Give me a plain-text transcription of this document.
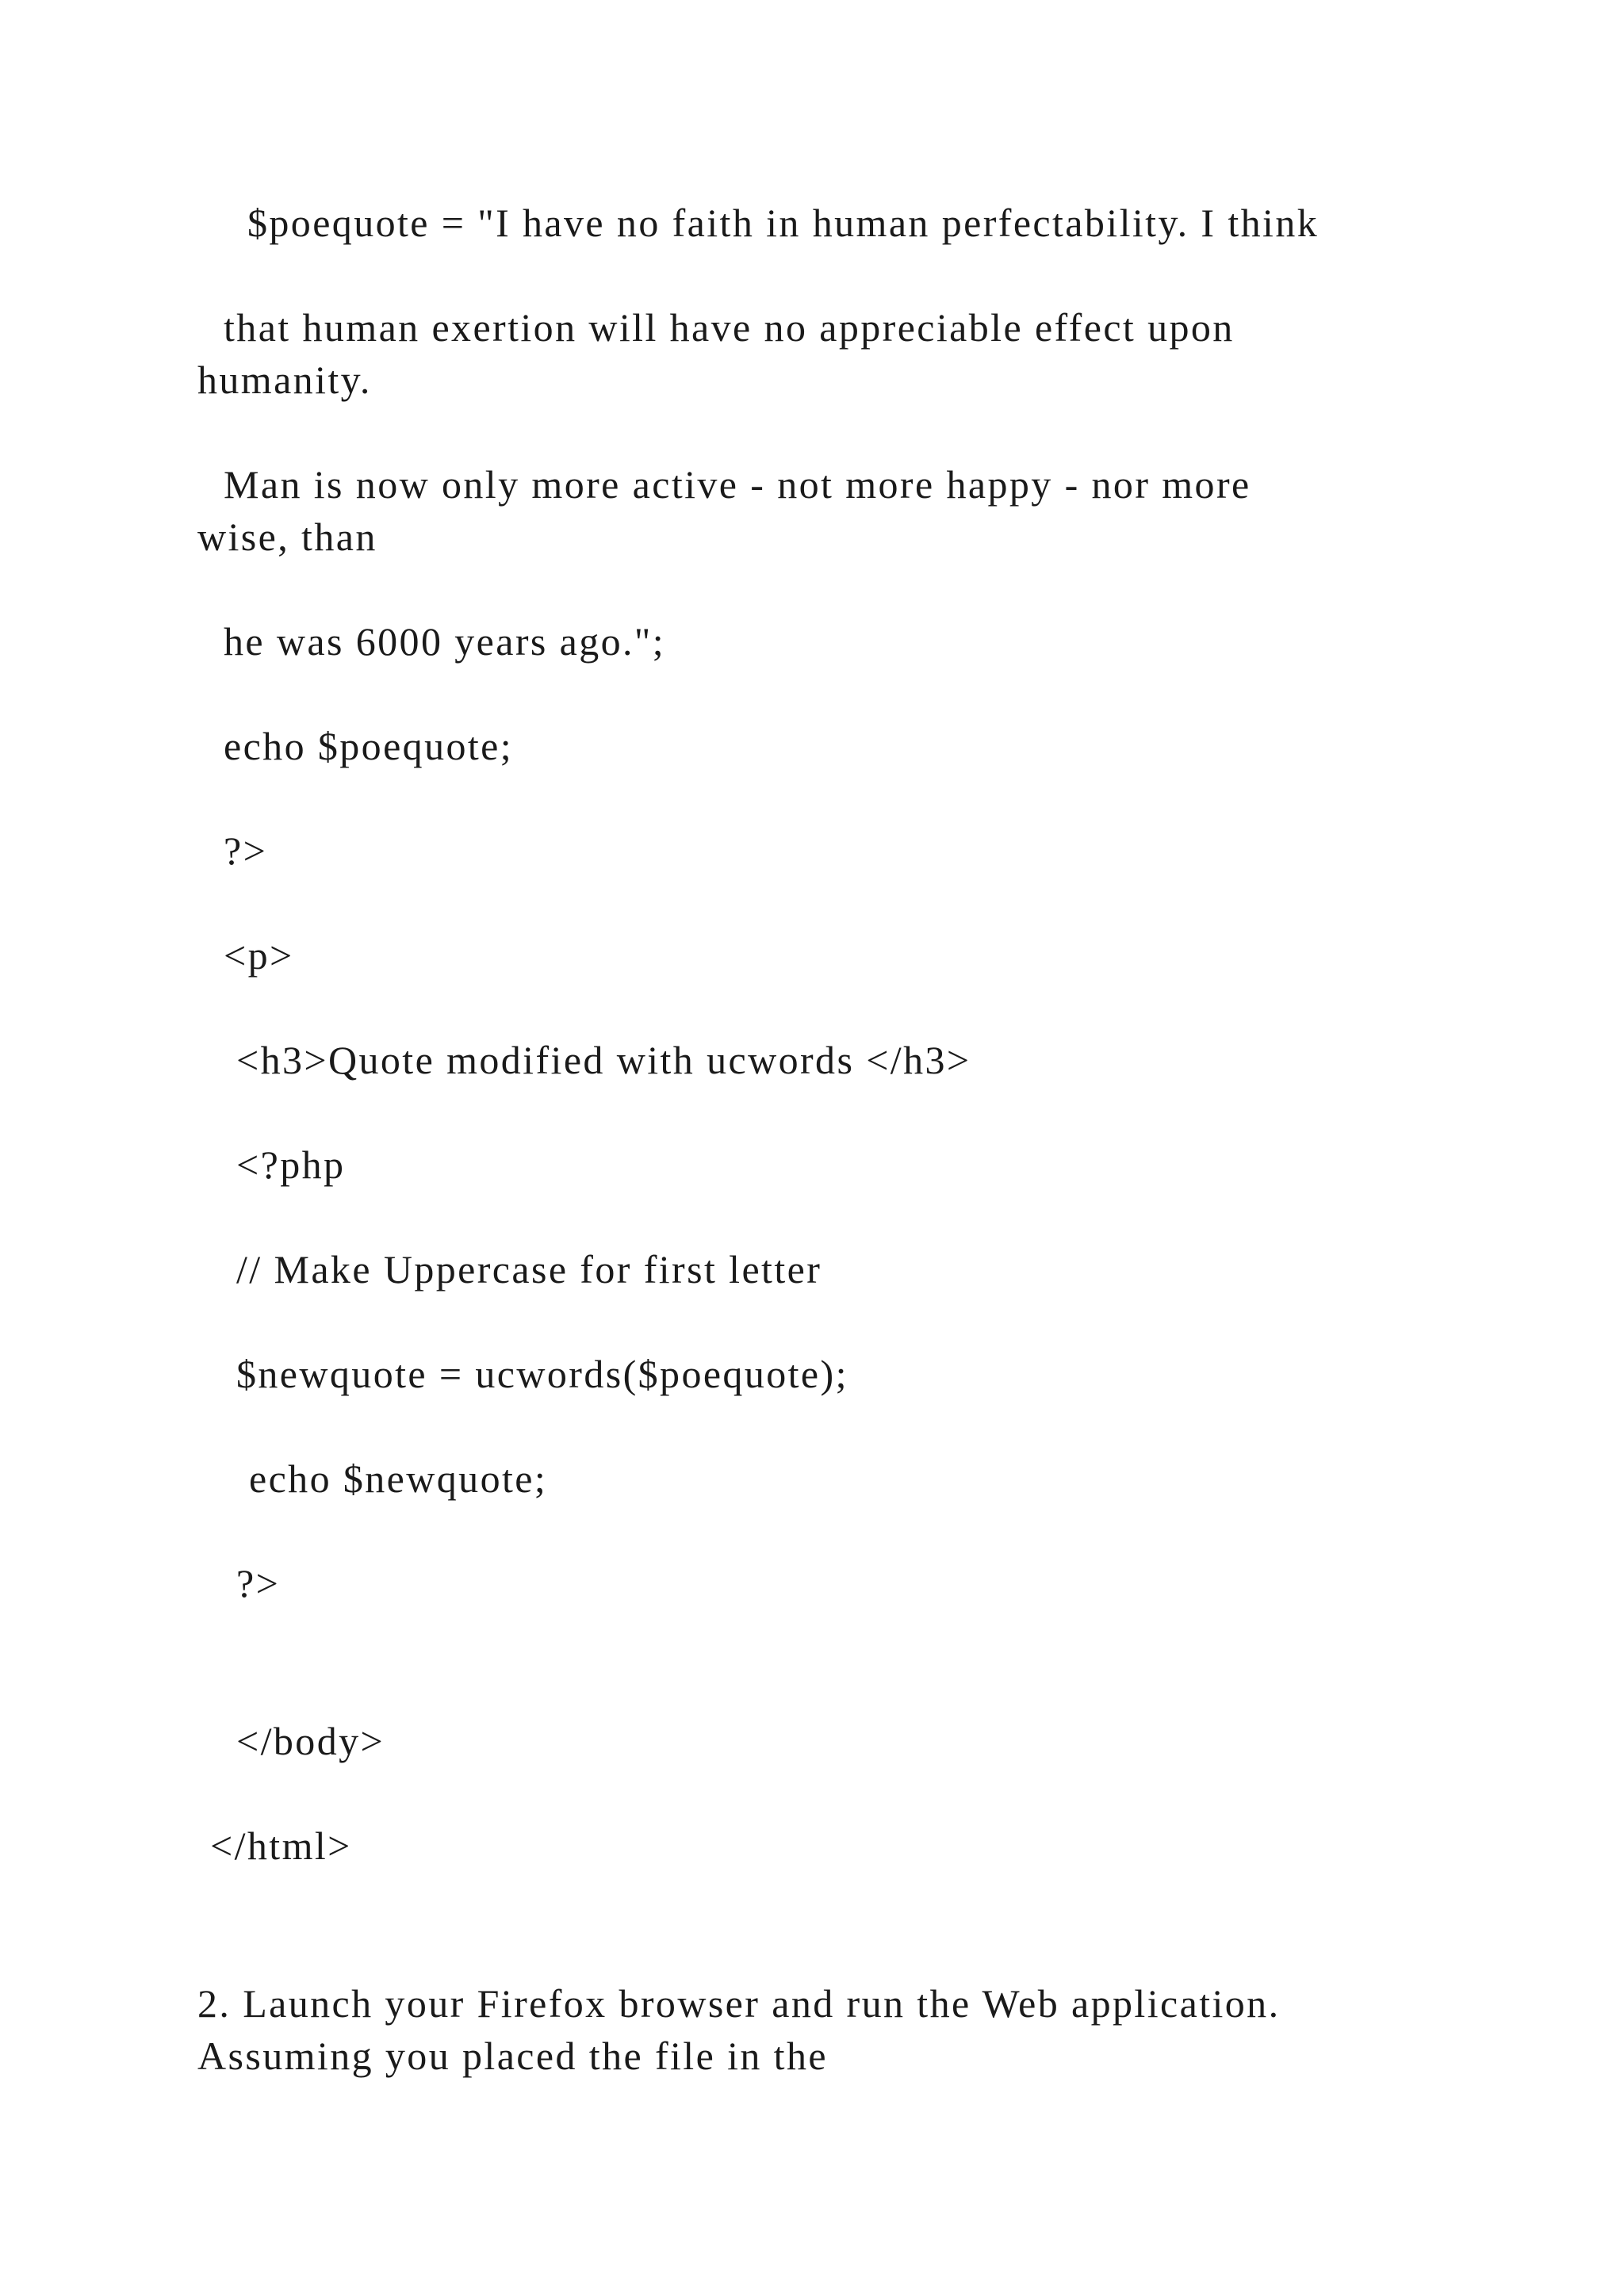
$poequote = "I have no faith in human perfectability. I think

that human exertion will have no appreciable effect upon

humanity.

Man is now only more active - not more happy - nor more

wise, than

he was 6000 years ago.";

echo $poequote;

?>

<p>

<h3>Quote modified with ucwords </h3>

<?php

// Make Uppercase for first letter

$newquote = ucwords($poequote);

echo $newquote;

?>

</body>

</html>

2. Launch your Firefox browser and run the Web application.

Assuming you placed the file in the
